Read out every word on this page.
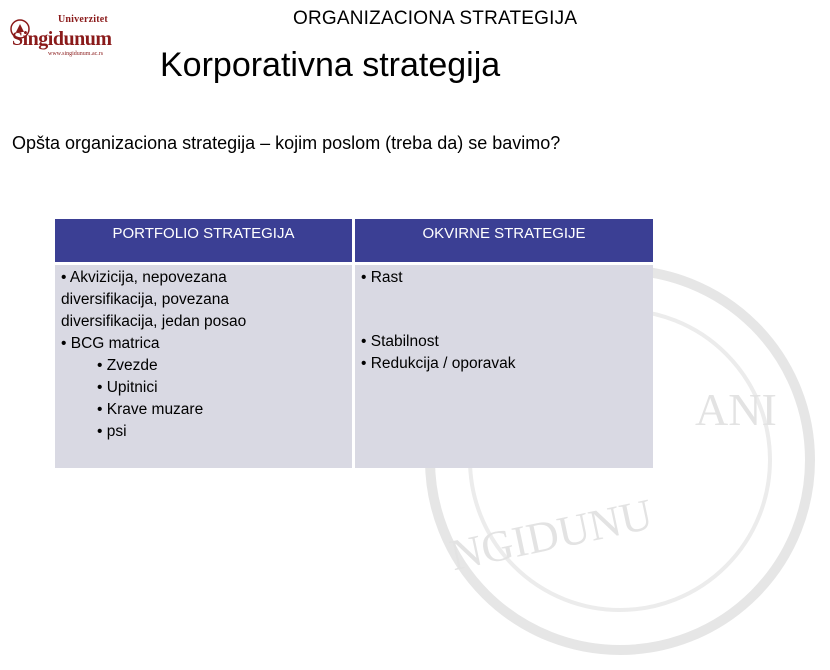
ANI
NGIDUNU
Univerzitet
Singidunum
www.singidunum.ac.rs
ORGANIZACIONA STRATEGIJA
Korporativna strategija
Opšta organizaciona strategija – kojim poslom (treba da) se bavimo?
PORTFOLIO STRATEGIJA	OKVIRNE STRATEGIJE
• Akvizicija, nepovezana
diversifikacija, povezana
diversifikacija, jedan posao
• BCG matrica
• Zvezde
• Upitnici
• Krave muzare
• psi
• Rast
• Stabilnost
• Redukcija / oporavak
